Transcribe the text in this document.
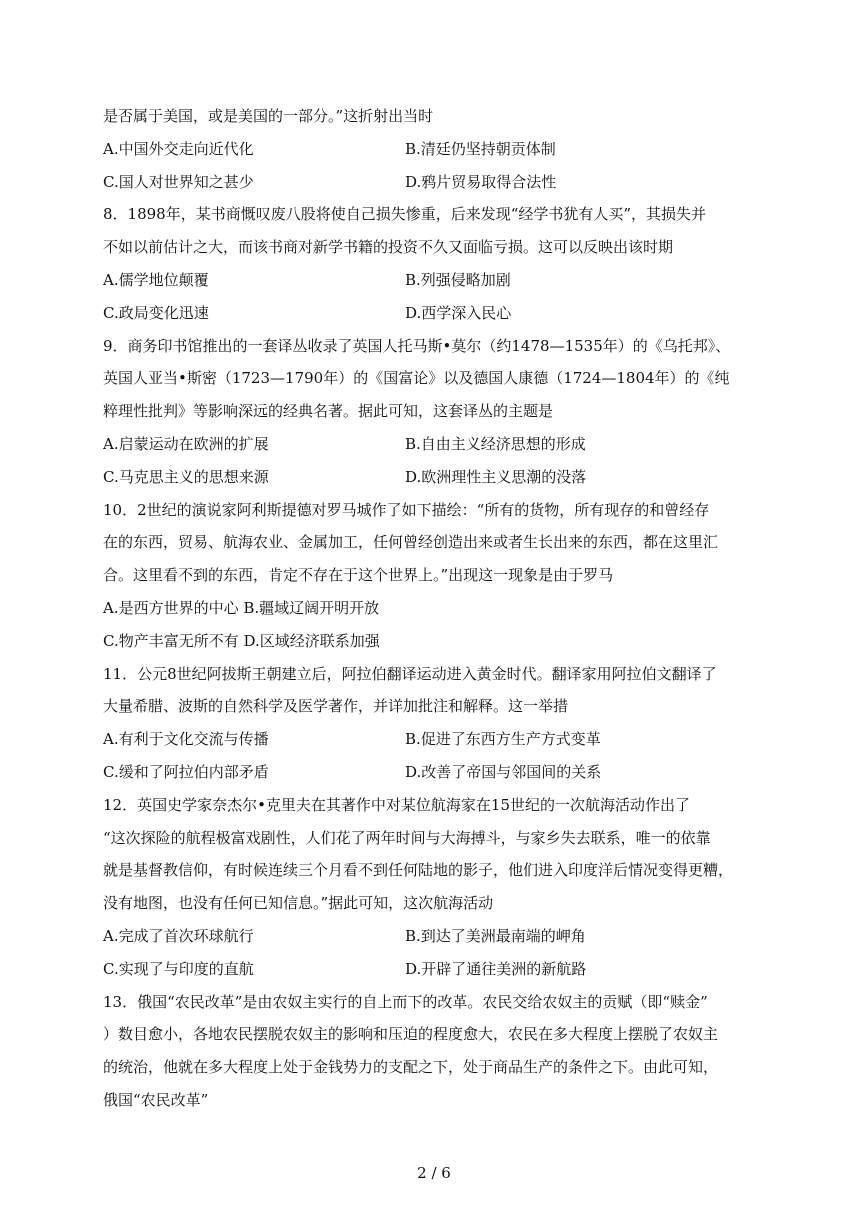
是否属于美国，或是美国的一部分。”这折射出当时
A.中国外交走向近代化	B.清廷仍坚持朝贡体制
C.国人对世界知之甚少	D.鸦片贸易取得合法性
8．1898年，某书商慨叹废八股将使自己损失惨重，后来发现“经学书犹有人买”，其损失并
不如以前估计之大，而该书商对新学书籍的投资不久又面临亏损。这可以反映出该时期
A.儒学地位颠覆	B.列强侵略加剧
C.政局变化迅速	D.西学深入民心
9．商务印书馆推出的一套译丛收录了英国人托马斯•莫尔（约1478—1535年）的《乌托邦》、
英国人亚当•斯密（1723—1790年）的《国富论》以及德国人康德（1724—1804年）的《纯
粹理性批判》等影响深远的经典名著。据此可知，这套译丛的主题是
A.启蒙运动在欧洲的扩展	B.自由主义经济思想的形成
C.马克思主义的思想来源	D.欧洲理性主义思潮的没落
10．2世纪的演说家阿利斯提德对罗马城作了如下描绘：“所有的货物，所有现存的和曾经存
在的东西，贸易、航海农业、金属加工，任何曾经创造出来或者生长出来的东西，都在这里汇
合。这里看不到的东西，肯定不存在于这个世界上。”出现这一现象是由于罗马
A.是西方世界的中心 B.疆域辽阔开明开放
C.物产丰富无所不有 D.区域经济联系加强
11．公元8世纪阿拔斯王朝建立后，阿拉伯翻译运动进入黄金时代。翻译家用阿拉伯文翻译了
大量希腊、波斯的自然科学及医学著作，并详加批注和解释。这一举措
A.有利于文化交流与传播	B.促进了东西方生产方式变革
C.缓和了阿拉伯内部矛盾	D.改善了帝国与邻国间的关系
12．英国史学家奈杰尔•克里夫在其著作中对某位航海家在15世纪的一次航海活动作出了
“这次探险的航程极富戏剧性，人们花了两年时间与大海搏斗，与家乡失去联系，唯一的依靠
就是基督教信仰，有时候连续三个月看不到任何陆地的影子，他们进入印度洋后情况变得更糟，
没有地图，也没有任何已知信息。”据此可知，这次航海活动
A.完成了首次环球航行	B.到达了美洲最南端的岬角
C.实现了与印度的直航	D.开辟了通往美洲的新航路
13．俄国“农民改革”是由农奴主实行的自上而下的改革。农民交给农奴主的贡赋（即“赎金”
）数目愈小，各地农民摆脱农奴主的影响和压迫的程度愈大，农民在多大程度上摆脱了农奴主
的统治，他就在多大程度上处于金钱势力的支配之下，处于商品生产的条件之下。由此可知，
俄国“农民改革”
2 / 6
